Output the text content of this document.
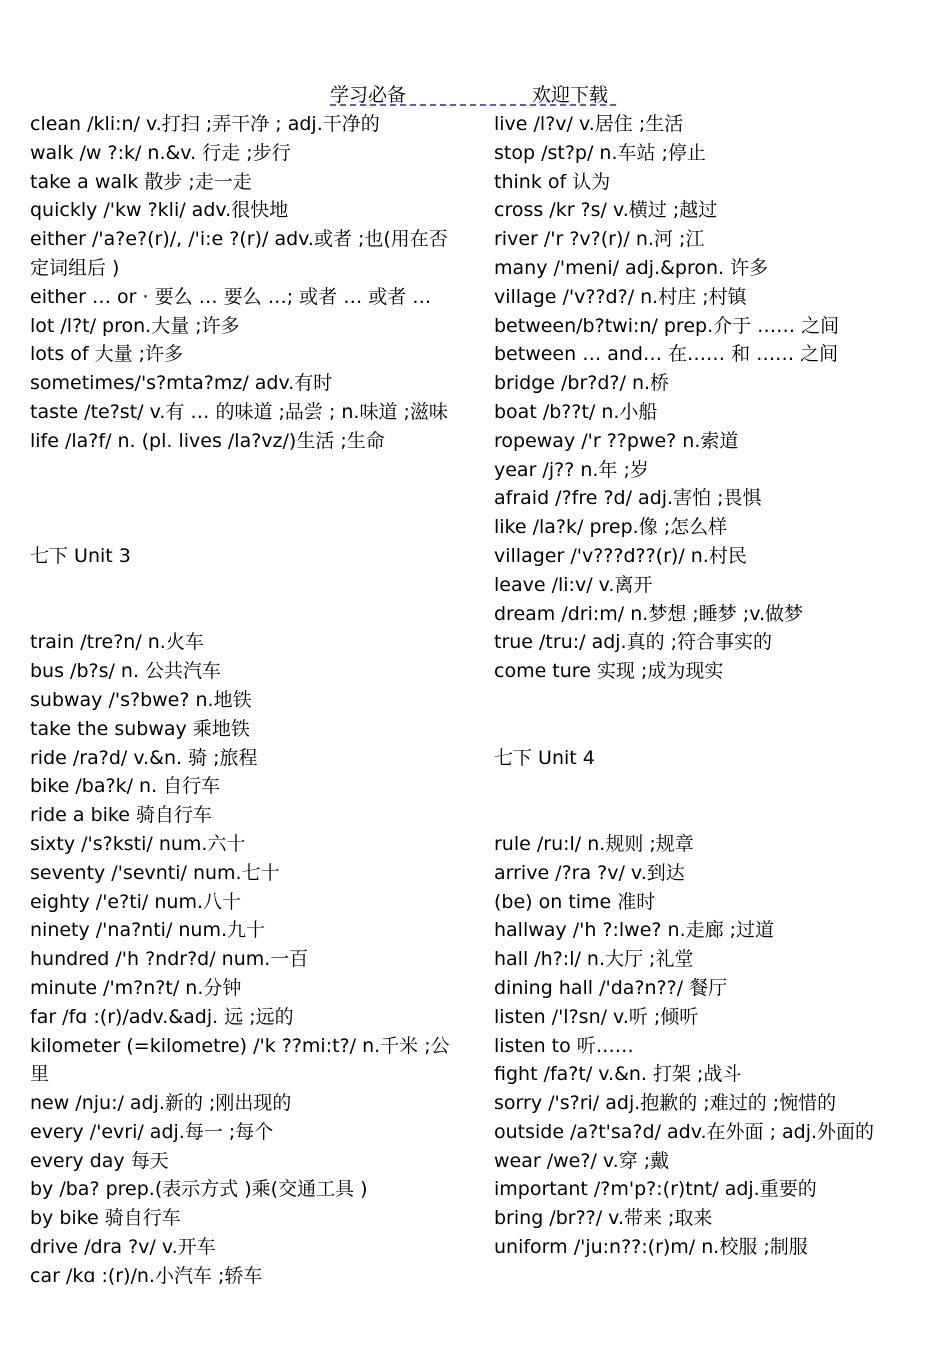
学习必备	欢迎下载
clean /kli:n/ v.打扫 ;弄干净 ; adj.干净的
walk /w ?:k/ n.&v. 行走 ;步行
take a walk 散步 ;走一走
quickly /'kw ?kli/ adv.很快地
either /'a?e?(r)/, /'i:e ?(r)/ adv.或者 ;也(用在否定词组后 )
either … or · 要么 … 要么 …; 或者 … 或者 …
lot /l?t/ pron.大量 ;许多
lots of 大量 ;许多
sometimes/'s?mta?mz/ adv.有时
taste /te?st/ v.有 … 的味道 ;品尝 ; n.味道 ;滋味
life /la?f/ n. (pl. lives /la?vz/)生活 ;生命
七下 Unit 3
train /tre?n/ n.火车
bus /b?s/ n. 公共汽车
subway /'s?bwe? n.地铁
take the subway 乘地铁
ride /ra?d/ v.&n. 骑 ;旅程
bike /ba?k/ n. 自行车
ride a bike 骑自行车
sixty /'s?ksti/ num.六十
seventy /'sevnti/ num.七十
eighty /'e?ti/ num.八十
ninety /'na?nti/ num.九十
hundred /'h ?ndr?d/ num.一百
minute /'m?n?t/ n.分钟
far /fɑ :(r)/adv.&adj. 远 ;远的
kilometer (=kilometre) /'k ??mi:t?/ n.千米 ;公里
new /nju:/ adj.新的 ;刚出现的
every /'evri/ adj.每一 ;每个
every day 每天
by /ba? prep.(表示方式 )乘(交通工具 )
by bike 骑自行车
drive /dra ?v/ v.开车
car /kɑ :(r)/n.小汽车 ;轿车
live /l?v/ v.居住 ;生活
stop /st?p/ n.车站 ;停止
think of 认为
cross /kr ?s/ v.横过 ;越过
river /'r ?v?(r)/ n.河 ;江
many /'meni/ adj.&pron. 许多
village /'v??d?/ n.村庄 ;村镇
between/b?twi:n/ prep.介于 …… 之间
between … and… 在…… 和 …… 之间
bridge /br?d?/ n.桥
boat /b??t/ n.小船
ropeway /'r ??pwe? n.索道
year /j?? n.年 ;岁
afraid /?fre ?d/ adj.害怕 ;畏惧
like /la?k/ prep.像 ;怎么样
villager /'v???d??(r)/ n.村民
leave /li:v/ v.离开
dream /dri:m/ n.梦想 ;睡梦 ;v.做梦
true /tru:/ adj.真的 ;符合事实的
come ture 实现 ;成为现实
七下 Unit 4
rule /ru:l/ n.规则 ;规章
arrive /?ra ?v/ v.到达
(be) on time 准时
hallway /'h ?:lwe? n.走廊 ;过道
hall /h?:l/ n.大厅 ;礼堂
dining hall /'da?n??/ 餐厅
listen /'l?sn/ v.听 ;倾听
listen to 听……
fight /fa?t/ v.&n. 打架 ;战斗
sorry /'s?ri/ adj.抱歉的 ;难过的 ;惋惜的
outside /a?t'sa?d/ adv.在外面 ; adj.外面的
wear /we?/ v.穿 ;戴
important /?m'p?:(r)tnt/ adj.重要的
bring /br??/ v.带来 ;取来
uniform /'ju:n??:(r)m/ n.校服 ;制服
